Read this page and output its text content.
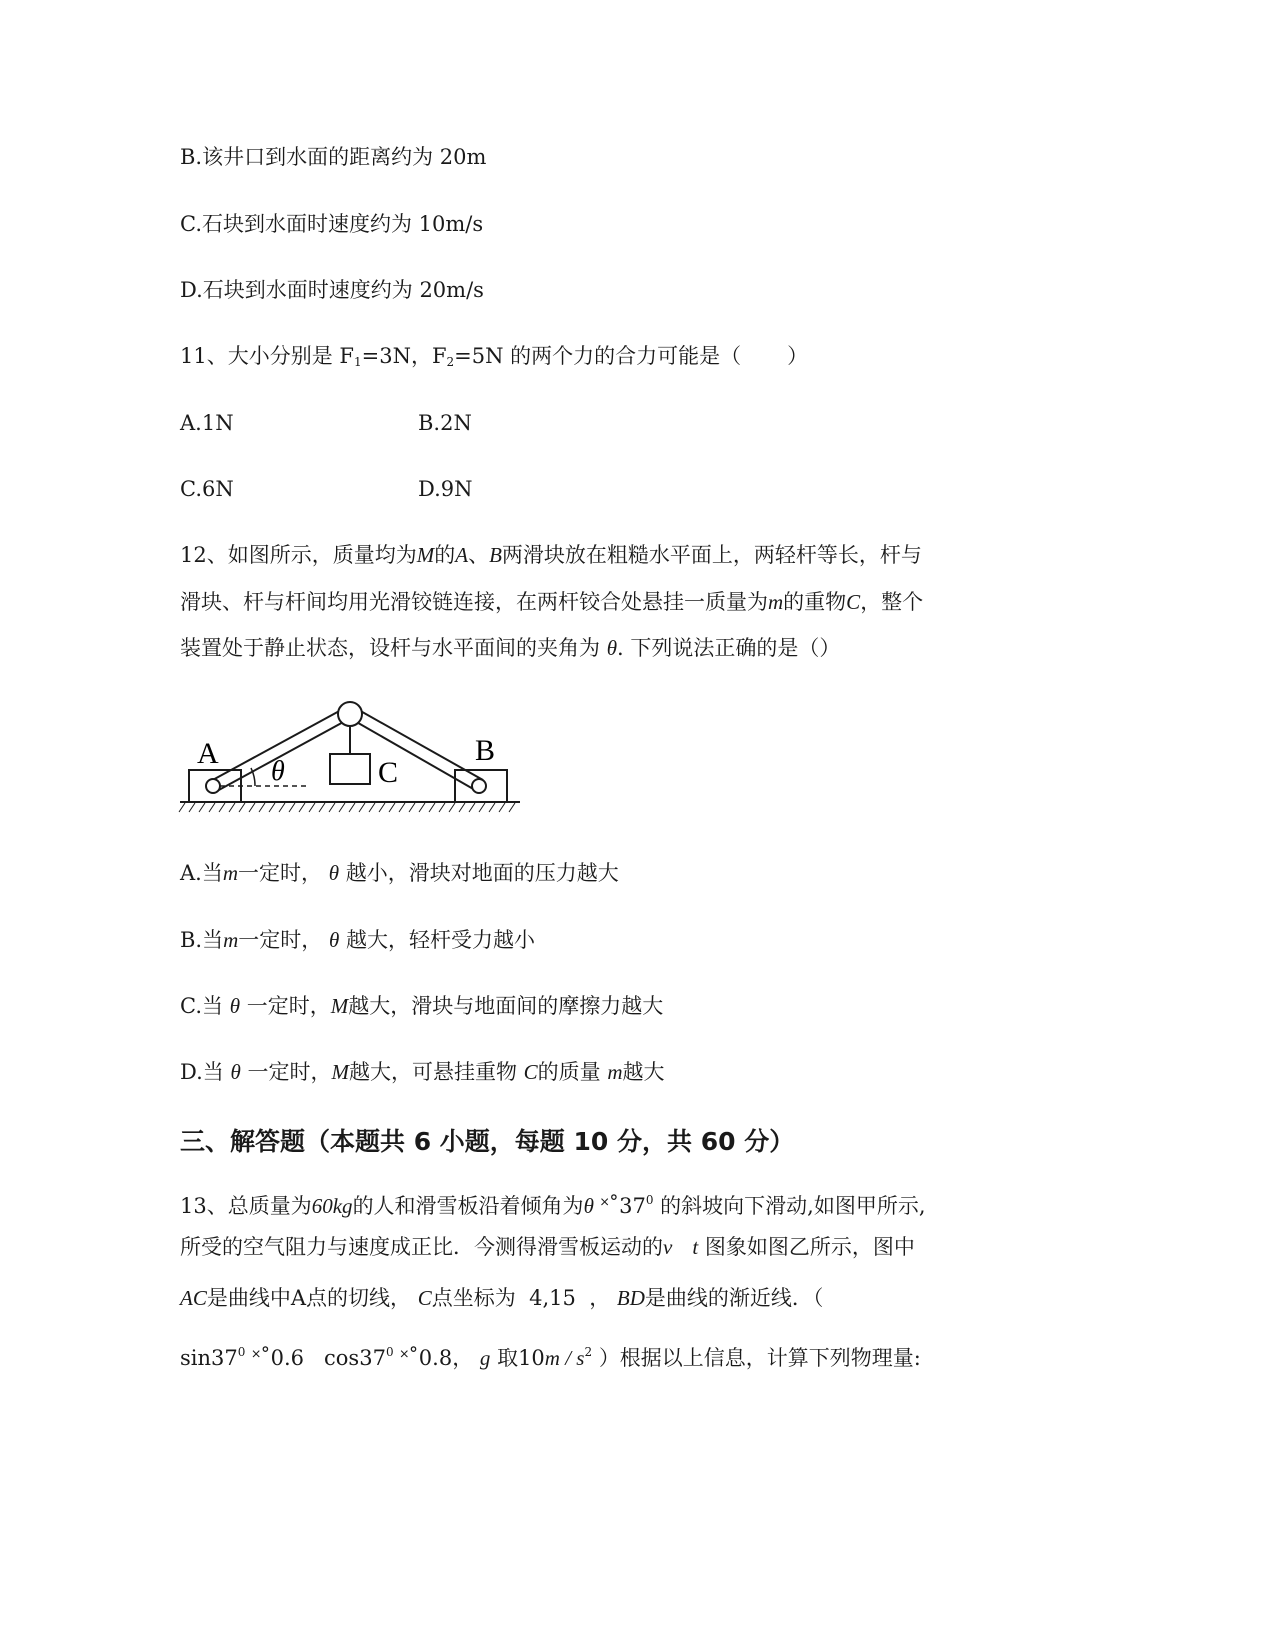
B.该井口到水面的距离约为 20m
C.石块到水面时速度约为 10m/s
D.石块到水面时速度约为 20m/s
11、大小分别是 $F_1=3N$，$F_2=5N$ 的两个力的合力可能是（ ）
A.1N	B.2N
C.6N	D.9N
12、如图所示，质量均为M的A、B两滑块放在粗糙水平面上，两轻杆等长，杆与
滑块、杆与杆间均用光滑铰链连接，在两杆铰合处悬挂一质量为m的重物C，整个
装置处于静止状态，设杆与水平面间的夹角为 θ. 下列说法正确的是（）
A	B
C
θ
A.当m一定时， θ 越小，滑块对地面的压力越大
B.当m一定时， θ 越大，轻杆受力越小
C.当 θ 一定时，M越大，滑块与地面间的摩擦力越大
D.当 θ 一定时，M越大，可悬挂重物 C的质量 m越大
三、解答题（本题共 6 小题，每题 10 分，共 60 分）
13、总质量为60kg的人和滑雪板沿着倾角为θ $˟˚37^0$ 的斜坡向下滑动,如图甲所示,
所受的空气阻力与速度成正比．今测得滑雪板运动的v t 图象如图乙所示，图中
AC是曲线中A点的切线， C点坐标为 4,15 ， BD是曲线的渐近线．（
$\sin 37^0$ ˟˚0.6 $\cos 37^0$ ˟˚0.8， g 取$10m / s^2$ ）根据以上信息，计算下列物理量:
